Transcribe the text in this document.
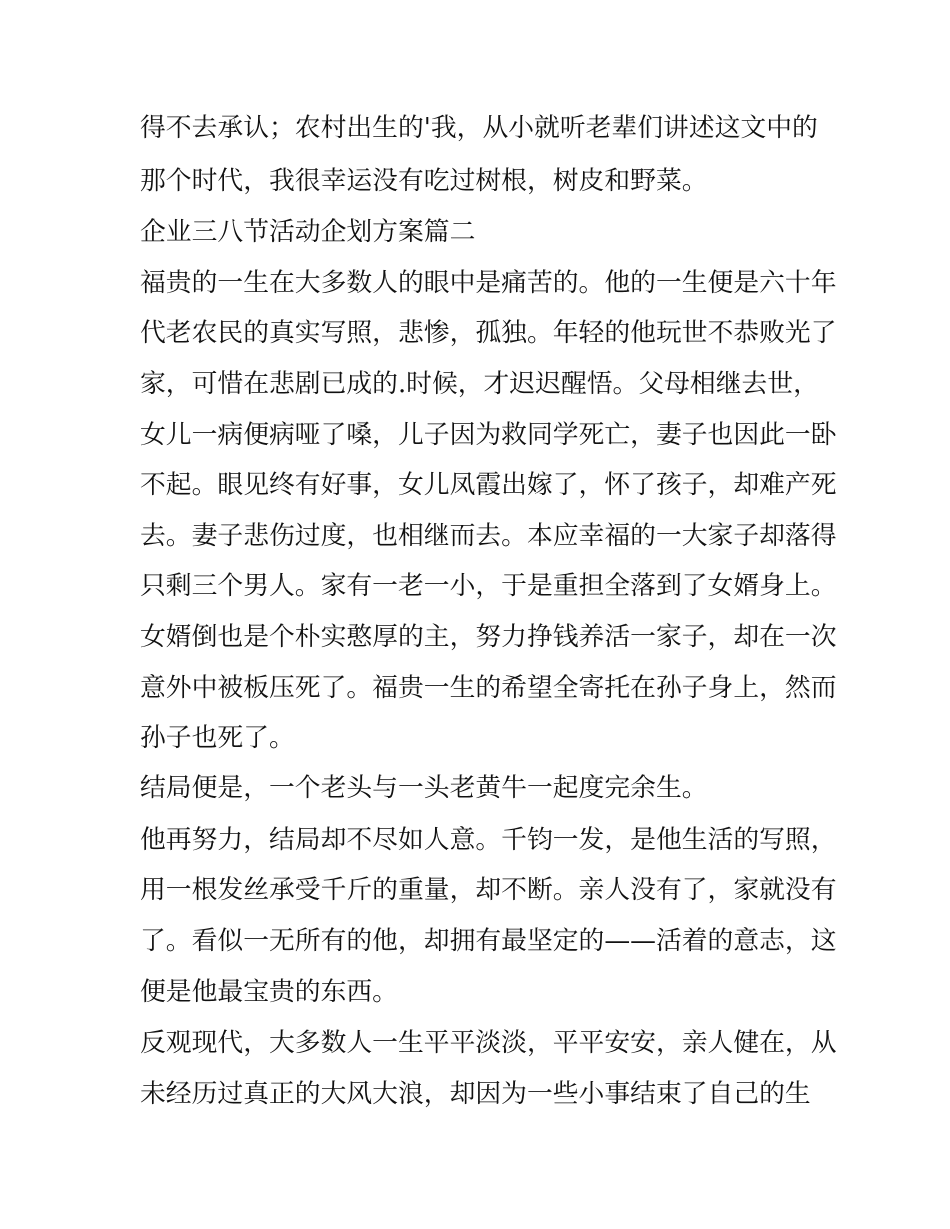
得不去承认；农村出生的'我，从小就听老辈们讲述这文中的
那个时代，我很幸运没有吃过树根，树皮和野菜。
企业三八节活动企划方案篇二
福贵的一生在大多数人的眼中是痛苦的。他的一生便是六十年
代老农民的真实写照，悲惨，孤独。年轻的他玩世不恭败光了
家，可惜在悲剧已成的.时候，才迟迟醒悟。父母相继去世，
女儿一病便病哑了嗓，儿子因为救同学死亡，妻子也因此一卧
不起。眼见终有好事，女儿凤霞出嫁了，怀了孩子，却难产死
去。妻子悲伤过度，也相继而去。本应幸福的一大家子却落得
只剩三个男人。家有一老一小，于是重担全落到了女婿身上。
女婿倒也是个朴实憨厚的主，努力挣钱养活一家子，却在一次
意外中被板压死了。福贵一生的希望全寄托在孙子身上，然而
孙子也死了。
结局便是，一个老头与一头老黄牛一起度完余生。
他再努力，结局却不尽如人意。千钧一发，是他生活的写照，
用一根发丝承受千斤的重量，却不断。亲人没有了，家就没有
了。看似一无所有的他，却拥有最坚定的——活着的意志，这
便是他最宝贵的东西。
反观现代，大多数人一生平平淡淡，平平安安，亲人健在，从
未经历过真正的大风大浪，却因为一些小事结束了自己的生
